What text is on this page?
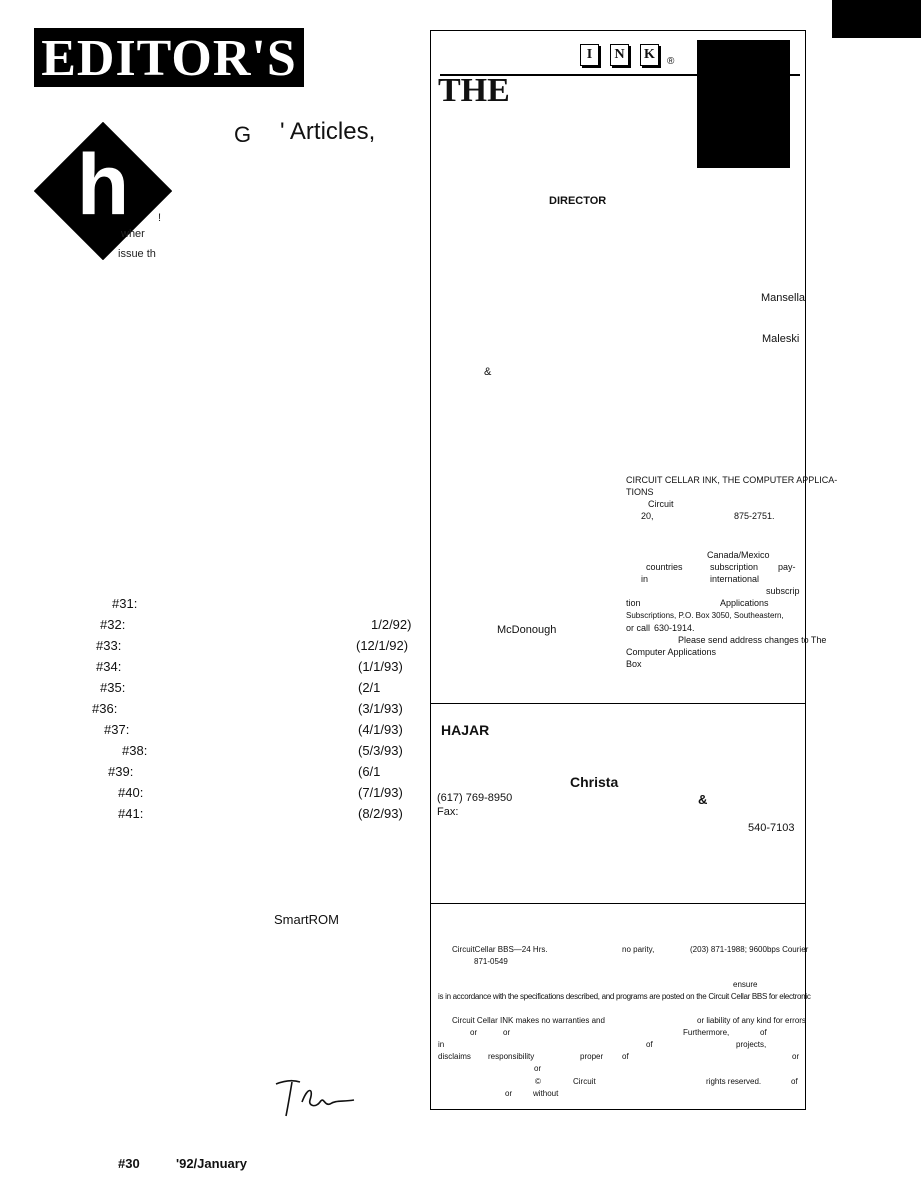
EDITOR'S
G ' Articles,
h	!
wher
issue th
#31:
#32:	1/2/92)
#33:	(12/1/92)
#34:	(1/1/93)
#35:	(2/1
#36:	(3/1/93)
#37:	(4/1/93)
#38:	(5/3/93)
#39:	(6/1
#40:	(7/1/93)
#41:	(8/2/93)
SmartROM
#30	'92/January
I	N	K	®
THE
DIRECTOR
Mansella
Maleski
&
CIRCUIT CELLAR INK, THE COMPUTER APPLICA-
TIONS
Circuit
20,	875-2751.
Canada/Mexico
countries	subscription pay-
in	international
subscrip
tion	Applications
Subscriptions, P.O. Box 3050, Southeastern,
or call 630-1914.
McDonough
Please send address changes to The
Computer Applications
Box
HAJAR
Christa
(617) 769-8950	&
Fax:
540-7103
CircuitCellar BBS—24 Hrs.	no parity,	(203) 871-1988; 9600bps Courier
871-0549
ensure
is in accordance with the specifications described, and programs are posted on the Circuit Cellar BBS for electronic
Circuit Cellar INK makes no warranties and	or liability of any kind for errors
or	or	Furthermore,	of
in	of	projects,
disclaims responsibility	proper of	or
or
©	Circuit	rights reserved.	of
or	without
